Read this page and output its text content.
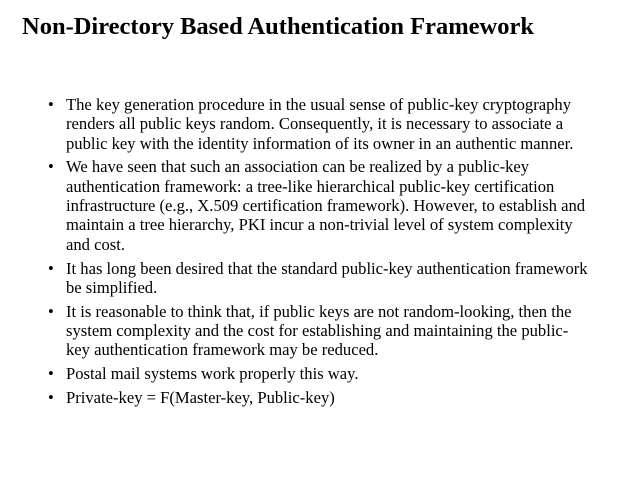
Non-Directory Based Authentication Framework
• The key generation procedure in the usual sense of public-key cryptography renders all public keys random. Consequently, it is necessary to associate a public key with the identity information of its owner in an authentic manner.
• We have seen that such an association can be realized by a public-key authentication framework: a tree-like hierarchical public-key certification infrastructure (e.g., X.509 certification framework). However, to establish and maintain a tree hierarchy, PKI incur a non-trivial level of system complexity and cost.
• It has long been desired that the standard public-key authentication framework be simplified.
• It is reasonable to think that, if public keys are not random-looking, then the system complexity and the cost for establishing and maintaining the public-key authentication framework may be reduced.
• Postal mail systems work properly this way.
• Private-key = F(Master-key, Public-key)
